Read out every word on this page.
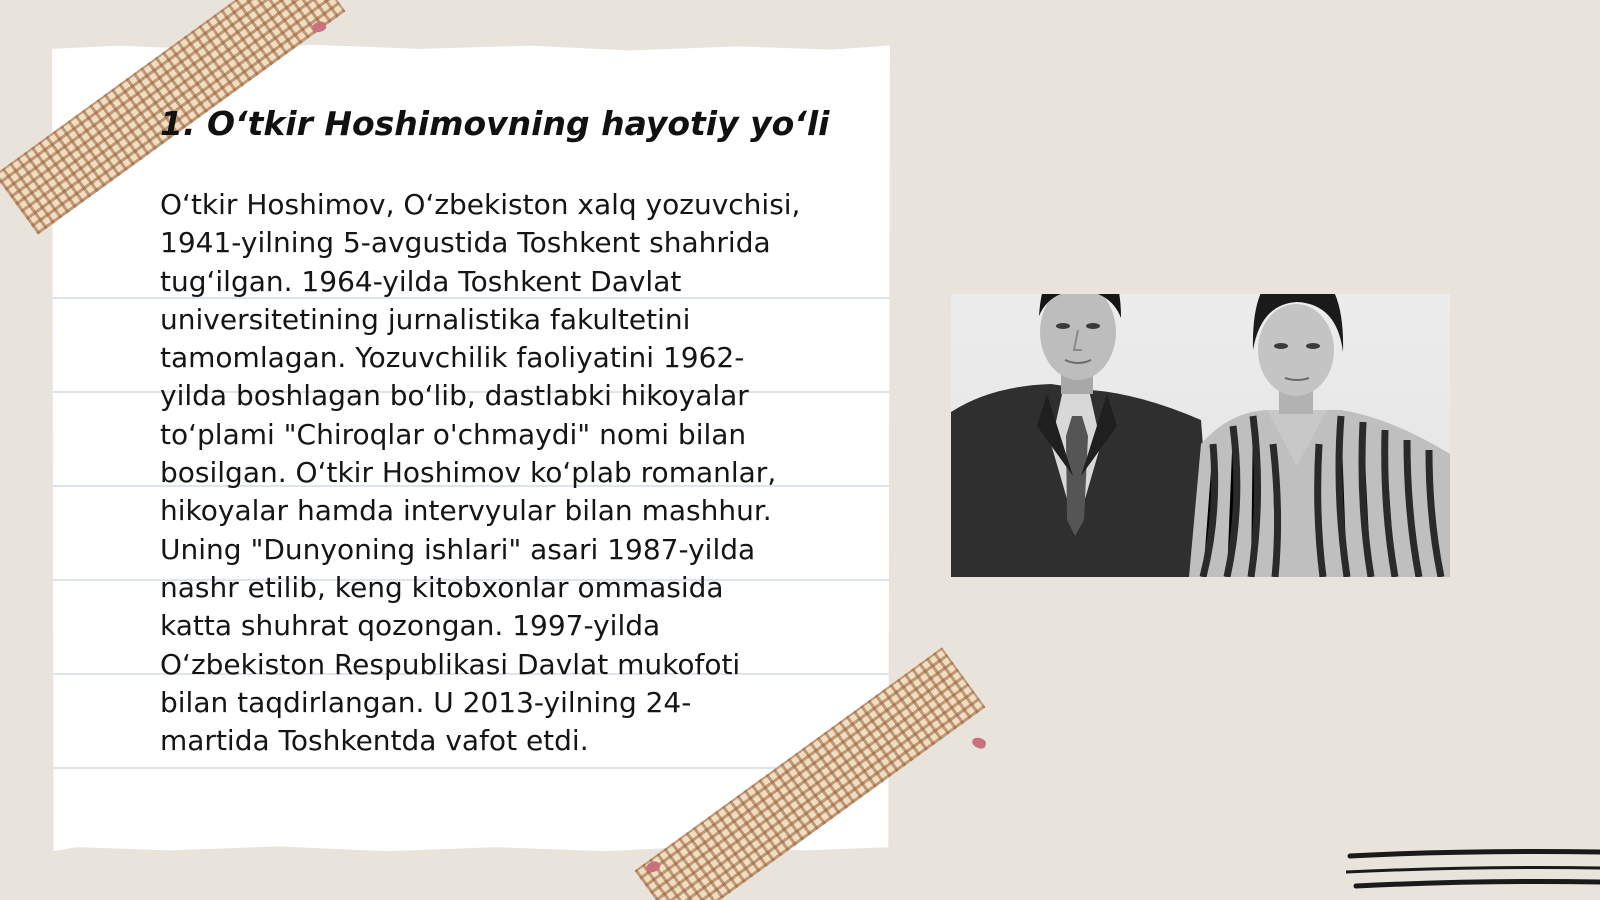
1. O‘tkir Hoshimovning hayotiy yo‘li

O‘tkir Hoshimov, O‘zbekiston xalq yozuvchisi,
1941-yilning 5-avgustida Toshkent shahrida
tug‘ilgan. 1964-yilda Toshkent Davlat
universitetining jurnalistika fakultetini
tamomlagan. Yozuvchilik faoliyatini 1962-
yilda boshlagan bo‘lib, dastlabki hikoyalar
to‘plami "Chiroqlar o'chmaydi" nomi bilan
bosilgan. O‘tkir Hoshimov ko‘plab romanlar,
hikoyalar hamda intervyular bilan mashhur.
Uning "Dunyoning ishlari" asari 1987-yilda
nashr etilib, keng kitobxonlar ommasida
katta shuhrat qozongan. 1997-yilda
O‘zbekiston Respublikasi Davlat mukofoti
bilan taqdirlangan. U 2013-yilning 24-
martida Toshkentda vafot etdi.
